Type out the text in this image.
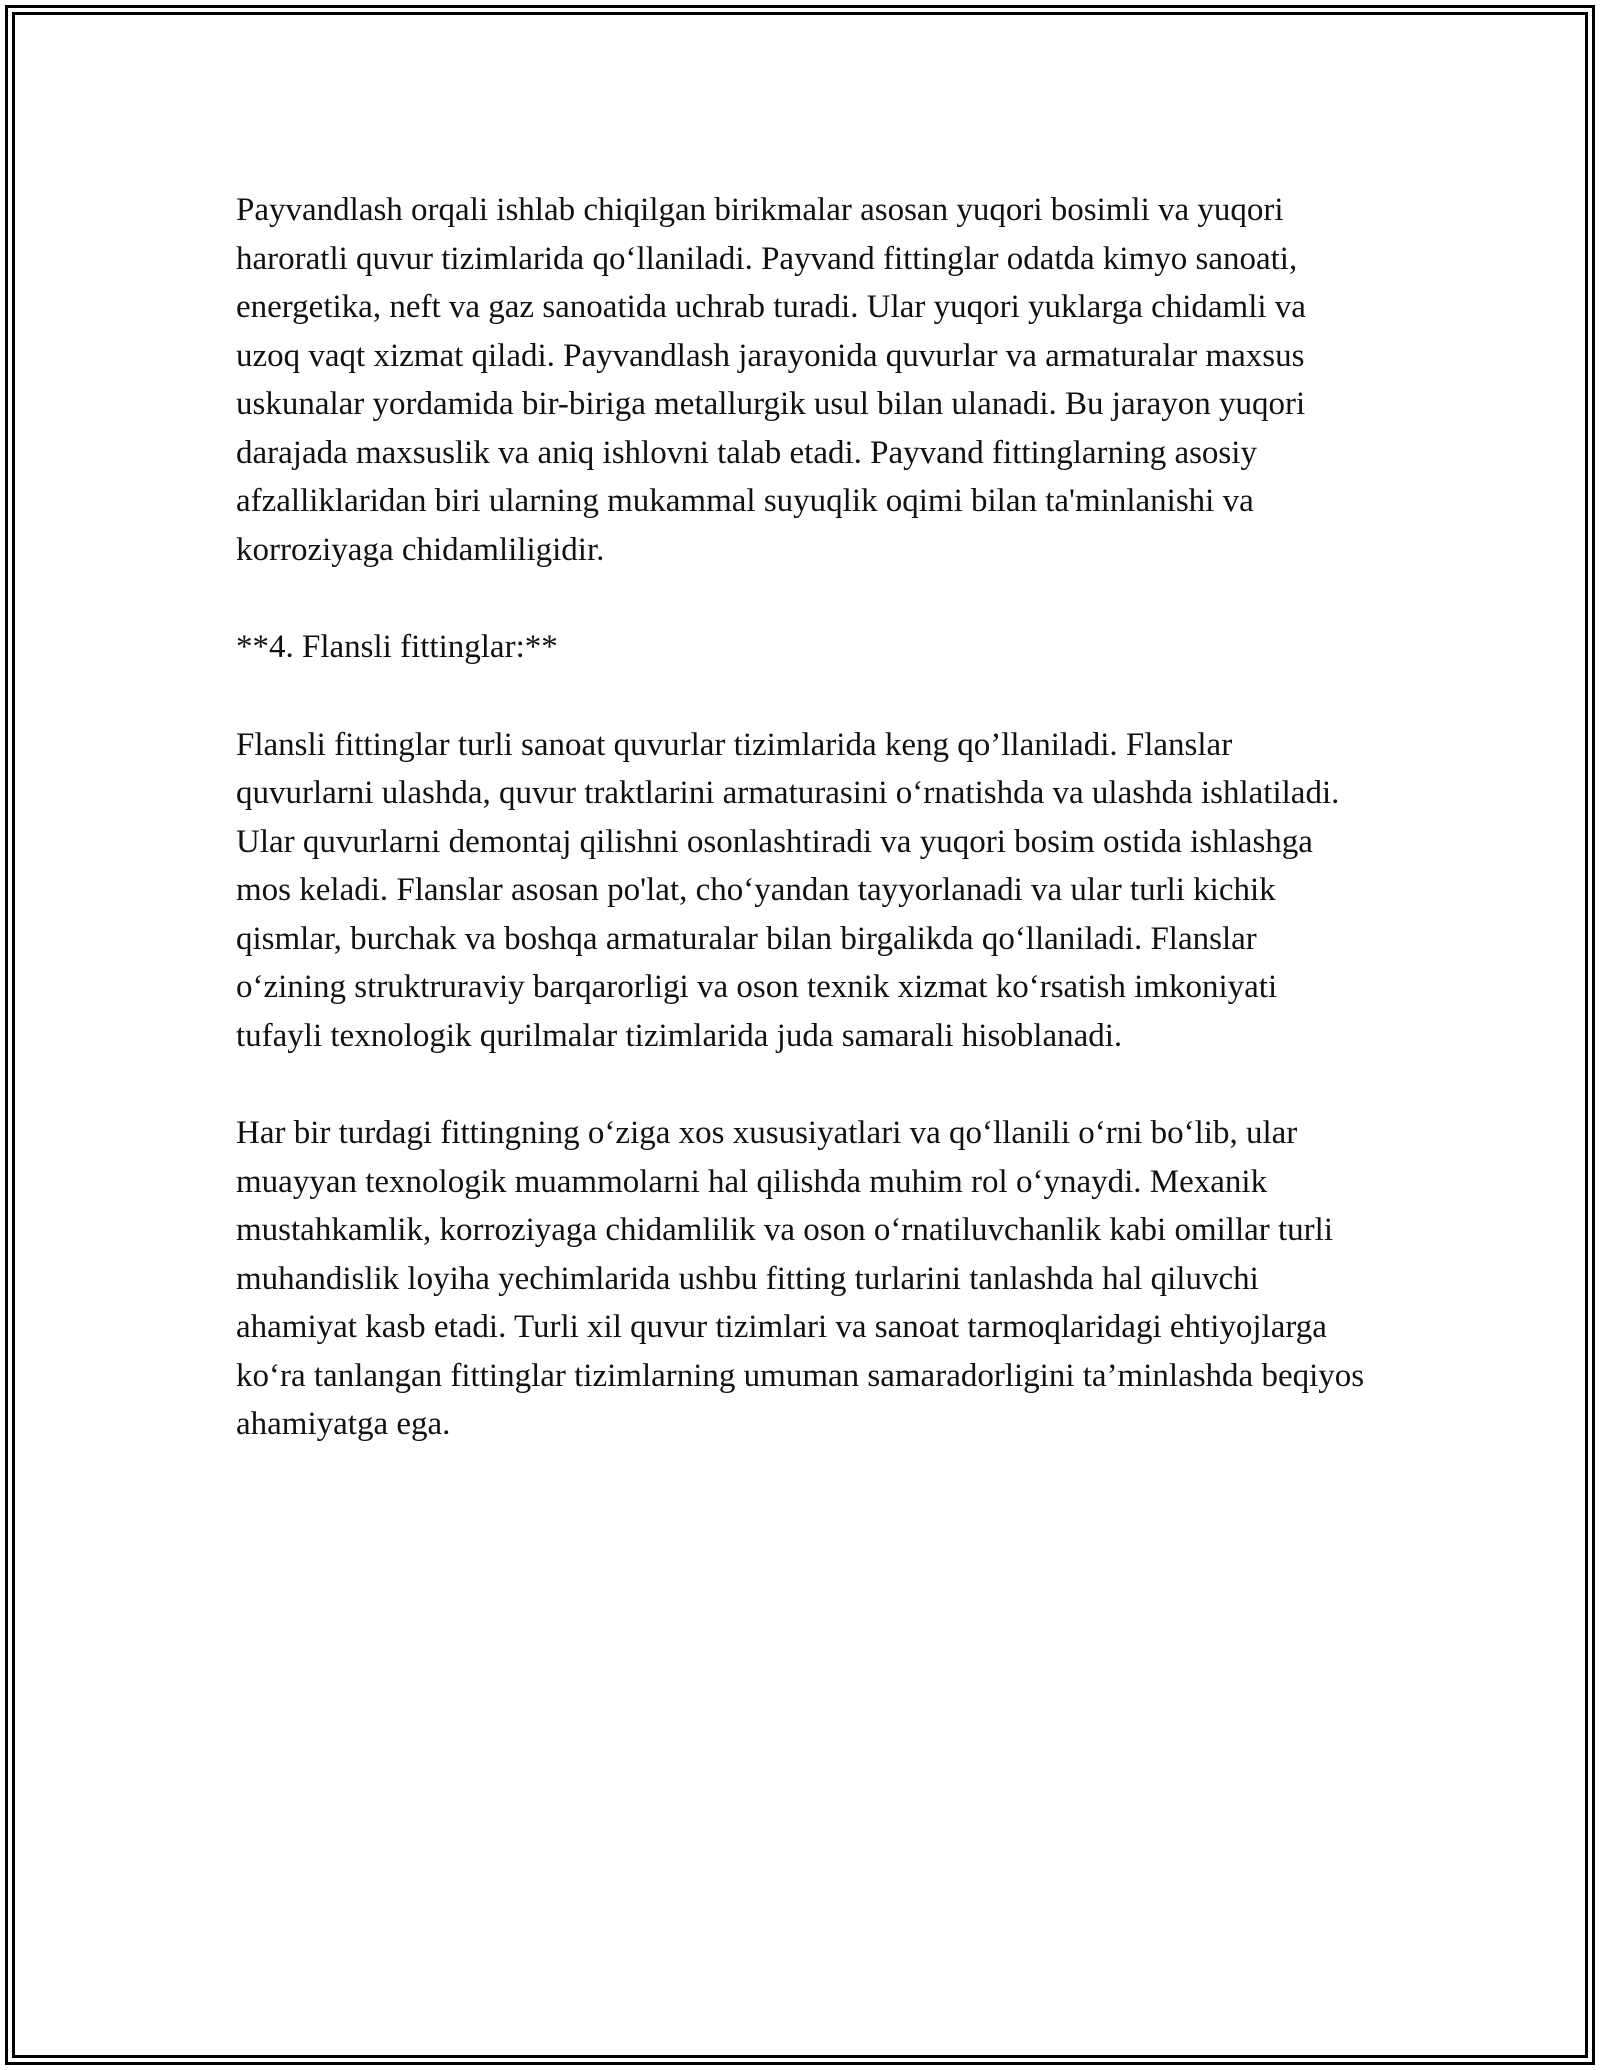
Payvandlash orqali ishlab chiqilgan birikmalar asosan yuqori bosimli va yuqori haroratli quvur tizimlarida qo‘llaniladi. Payvand fittinglar odatda kimyo sanoati, energetika, neft va gaz sanoatida uchrab turadi. Ular yuqori yuklarga chidamli va uzoq vaqt xizmat qiladi. Payvandlash jarayonida quvurlar va armaturalar maxsus uskunalar yordamida bir-biriga metallurgik usul bilan ulanadi. Bu jarayon yuqori darajada maxsuslik va aniq ishlovni talab etadi. Payvand fittinglarning asosiy afzalliklaridan biri ularning mukammal suyuqlik oqimi bilan ta'minlanishi va korroziyaga chidamliligidir.

**4. Flansli fittinglar:**

Flansli fittinglar turli sanoat quvurlar tizimlarida keng qo’llaniladi. Flanslar quvurlarni ulashda, quvur traktlarini armaturasini o‘rnatishda va ulashda ishlatiladi. Ular quvurlarni demontaj qilishni osonlashtiradi va yuqori bosim ostida ishlashga mos keladi. Flanslar asosan po'lat, cho‘yandan tayyorlanadi va ular turli kichik qismlar, burchak va boshqa armaturalar bilan birgalikda qo‘llaniladi. Flanslar o‘zining struktruraviy barqarorligi va oson texnik xizmat ko‘rsatish imkoniyati tufayli texnologik qurilmalar tizimlarida juda samarali hisoblanadi.

Har bir turdagi fittingning o‘ziga xos xususiyatlari va qo‘llanili o‘rni bo‘lib, ular muayyan texnologik muammolarni hal qilishda muhim rol o‘ynaydi. Mexanik mustahkamlik, korroziyaga chidamlilik va oson o‘rnatiluvchanlik kabi omillar turli muhandislik loyiha yechimlarida ushbu fitting turlarini tanlashda hal qiluvchi ahamiyat kasb etadi. Turli xil quvur tizimlari va sanoat tarmoqlaridagi ehtiyojlarga ko‘ra tanlangan fittinglar tizimlarning umuman samaradorligini ta’minlashda beqiyos ahamiyatga ega.
